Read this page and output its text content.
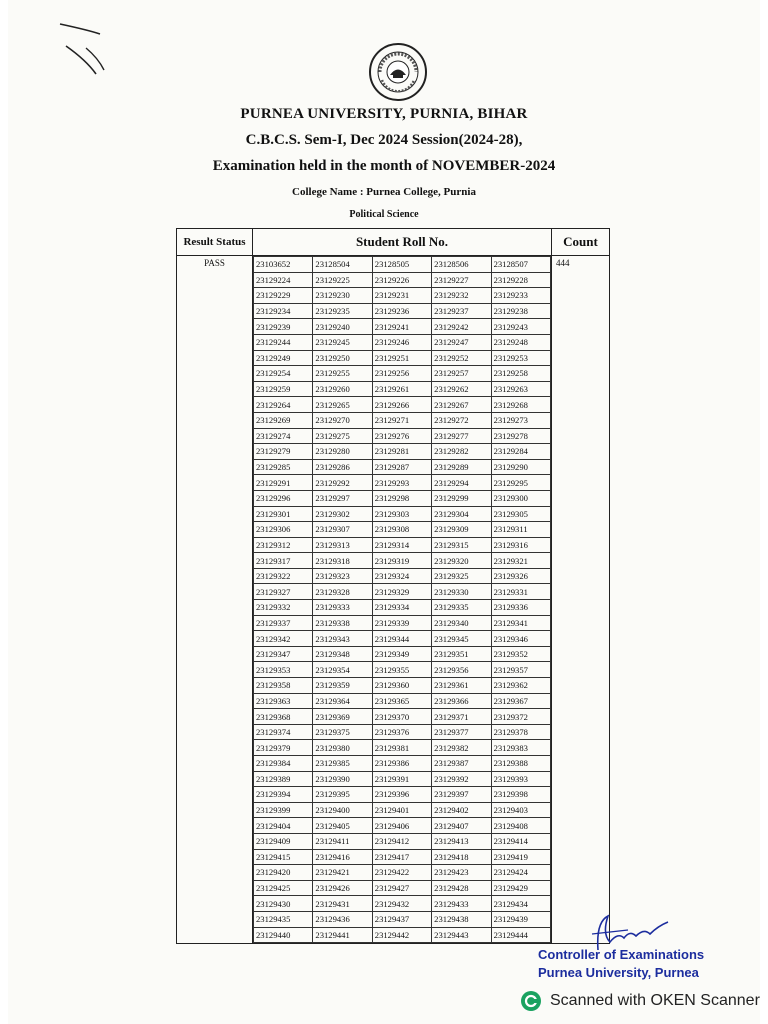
PURNEA UNIVERSITY, PURNIA, BIHAR
C.B.C.S. Sem-I, Dec 2024 Session(2024-28),
Examination held in the month of NOVEMBER-2024
College Name : Purnea College, Purnia
Political Science
Result Status	Student Roll No.	Count
PASS		23103652	23128504	23128505	23128506	23128507
23129224	23129225	23129226	23129227	23129228
23129229	23129230	23129231	23129232	23129233
23129234	23129235	23129236	23129237	23129238
23129239	23129240	23129241	23129242	23129243
23129244	23129245	23129246	23129247	23129248
23129249	23129250	23129251	23129252	23129253
23129254	23129255	23129256	23129257	23129258
23129259	23129260	23129261	23129262	23129263
23129264	23129265	23129266	23129267	23129268
23129269	23129270	23129271	23129272	23129273
23129274	23129275	23129276	23129277	23129278
23129279	23129280	23129281	23129282	23129284
23129285	23129286	23129287	23129289	23129290
23129291	23129292	23129293	23129294	23129295
23129296	23129297	23129298	23129299	23129300
23129301	23129302	23129303	23129304	23129305
23129306	23129307	23129308	23129309	23129311
23129312	23129313	23129314	23129315	23129316
23129317	23129318	23129319	23129320	23129321
23129322	23129323	23129324	23129325	23129326
23129327	23129328	23129329	23129330	23129331
23129332	23129333	23129334	23129335	23129336
23129337	23129338	23129339	23129340	23129341
23129342	23129343	23129344	23129345	23129346
23129347	23129348	23129349	23129351	23129352
23129353	23129354	23129355	23129356	23129357
23129358	23129359	23129360	23129361	23129362
23129363	23129364	23129365	23129366	23129367
23129368	23129369	23129370	23129371	23129372
23129374	23129375	23129376	23129377	23129378
23129379	23129380	23129381	23129382	23129383
23129384	23129385	23129386	23129387	23129388
23129389	23129390	23129391	23129392	23129393
23129394	23129395	23129396	23129397	23129398
23129399	23129400	23129401	23129402	23129403
23129404	23129405	23129406	23129407	23129408
23129409	23129411	23129412	23129413	23129414
23129415	23129416	23129417	23129418	23129419
23129420	23129421	23129422	23129423	23129424
23129425	23129426	23129427	23129428	23129429
23129430	23129431	23129432	23129433	23129434
23129435	23129436	23129437	23129438	23129439
23129440	23129441	23129442	23129443	23129444
	444
Controller of Examinations
Purnea University, Purnea
Scanned with OKEN Scanner
